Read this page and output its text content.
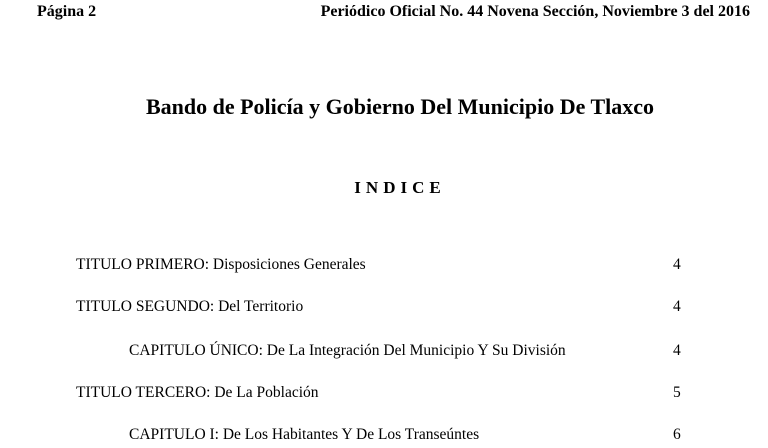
Página 2	Periódico Oficial No. 44 Novena Sección, Noviembre 3 del 2016
Bando de Policía y Gobierno Del Municipio De Tlaxco
INDICE
TITULO PRIMERO: Disposiciones Generales	4
TITULO SEGUNDO: Del Territorio	4
CAPITULO ÚNICO: De La Integración Del Municipio Y Su División	4
TITULO TERCERO: De La Población	5
CAPITULO I: De Los Habitantes Y De Los Transeúntes	6
